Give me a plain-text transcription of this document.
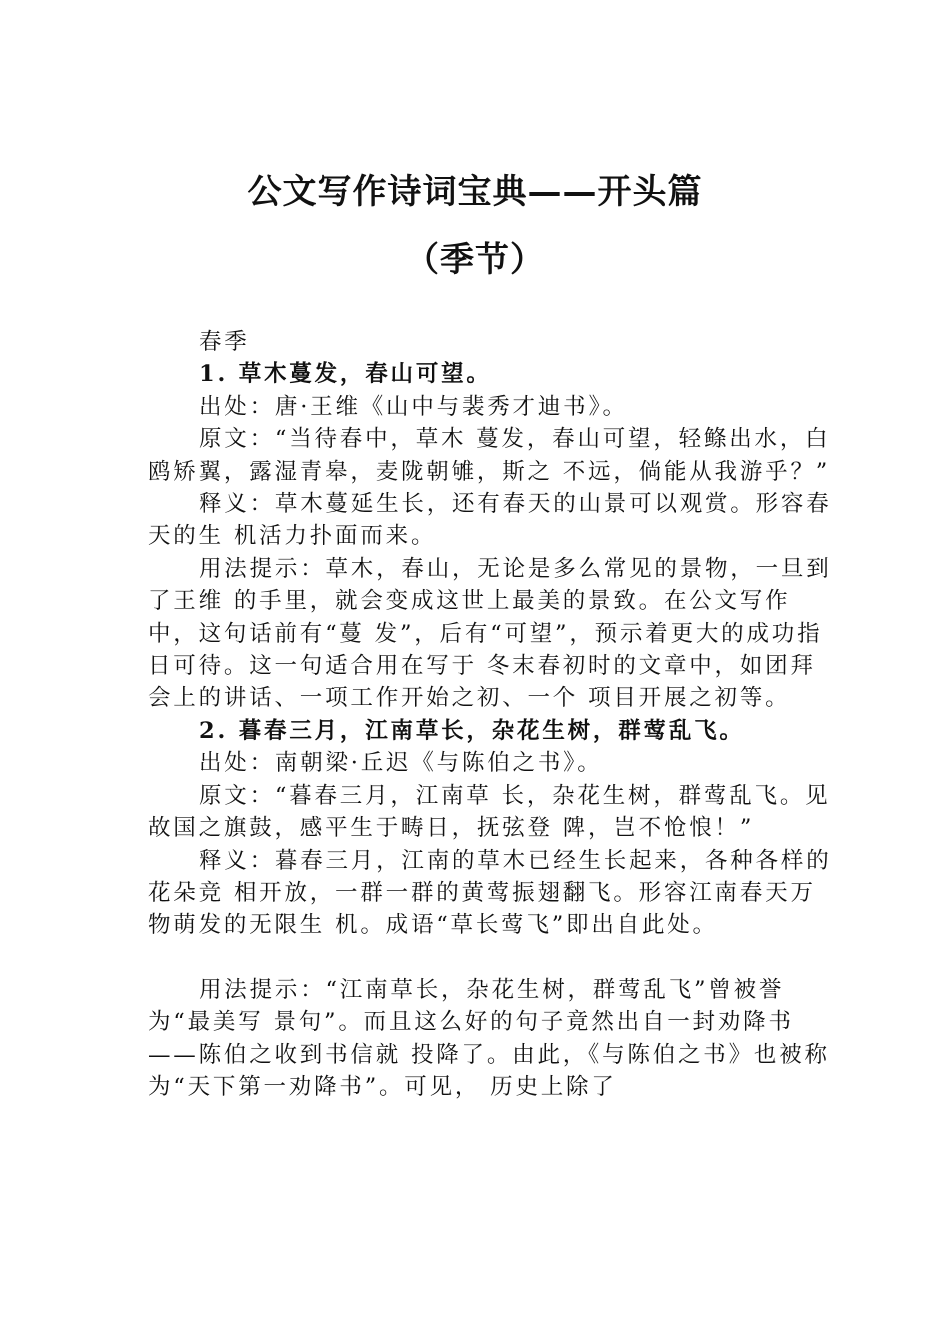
公文写作诗词宝典——开头篇
（季节）

春季

1. 草木蔓发，春山可望。

出处：唐·王维《山中与裴秀才迪书》。

原文：“当待春中，草木 蔓发，春山可望，轻鲦出水，白鸥矫翼，露湿青皋，麦陇朝雊，斯之 不远，倘能从我游乎？”

释义：草木蔓延生长，还有春天的山景可以观赏。形容春天的生 机活力扑面而来。

用法提示：草木，春山，无论是多么常见的景物，一旦到了王维 的手里，就会变成这世上最美的景致。在公文写作中，这句话前有“蔓 发”，后有“可望”，预示着更大的成功指日可待。这一句适合用在写于 冬末春初时的文章中，如团拜会上的讲话、一项工作开始之初、一个 项目开展之初等。

2. 暮春三月，江南草长，杂花生树，群莺乱飞。

出处：南朝梁·丘迟《与陈伯之书》。

原文：“暮春三月，江南草 长，杂花生树，群莺乱飞。见故国之旗鼓，感平生于畴日，抚弦登 陴，岂不怆悢！”

释义：暮春三月，江南的草木已经生长起来，各种各样的花朵竞 相开放，一群一群的黄莺振翅翻飞。形容江南春天万物萌发的无限生 机。成语“草长莺飞”即出自此处。

用法提示：“江南草长，杂花生树，群莺乱飞”曾被誉为“最美写 景句”。而且这么好的句子竟然出自一封劝降书——陈伯之收到书信就 投降了。由此，《与陈伯之书》也被称为“天下第一劝降书”。可见， 历史上除了
